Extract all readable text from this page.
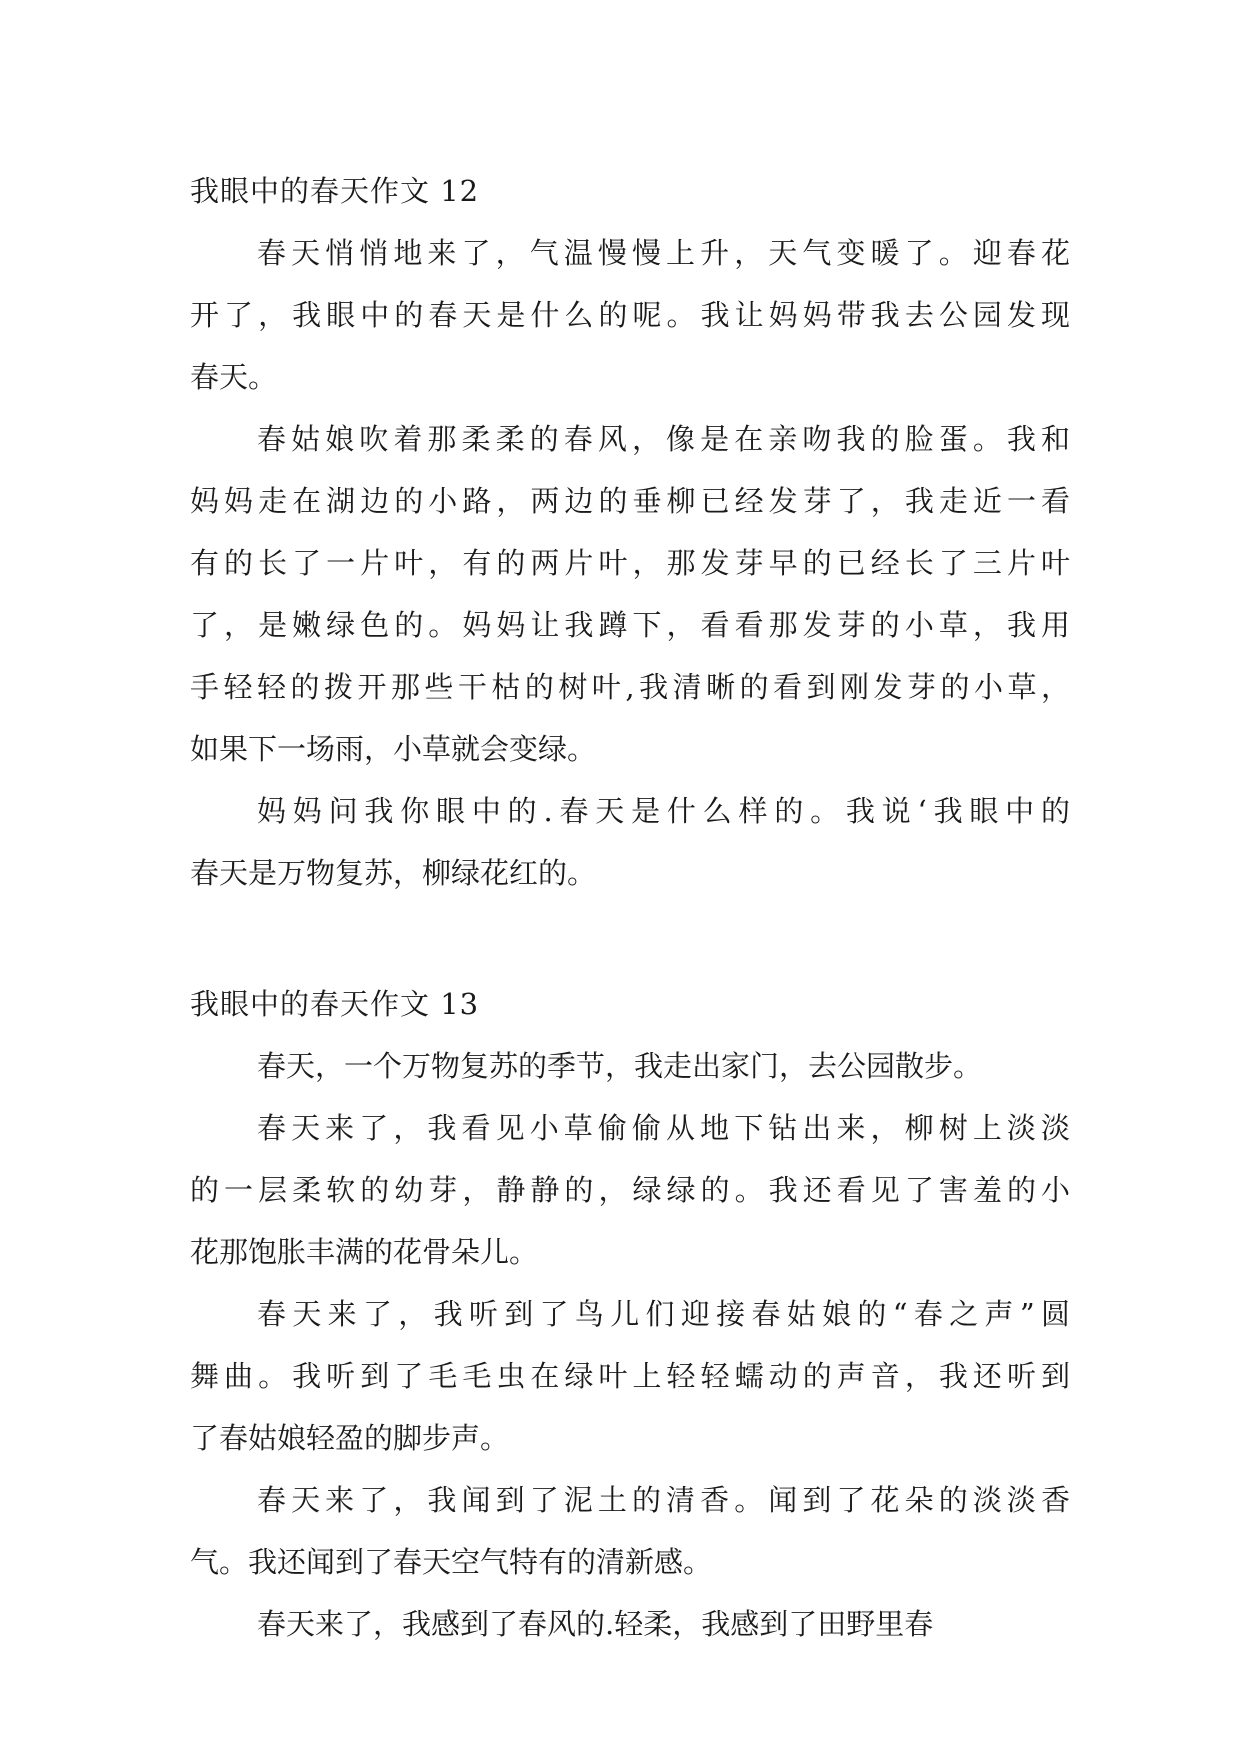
我眼中的春天作文 12
春天悄悄地来了，气温慢慢上升，天气变暖了。迎春花
开了，我眼中的春天是什么的呢。我让妈妈带我去公园发现
春天。
春姑娘吹着那柔柔的春风，像是在亲吻我的脸蛋。我和
妈妈走在湖边的小路，两边的垂柳已经发芽了，我走近一看
有的长了一片叶，有的两片叶，那发芽早的已经长了三片叶
了，是嫩绿色的。妈妈让我蹲下，看看那发芽的小草，我用
手轻轻的拨开那些干枯的树叶,我清晰的看到刚发芽的小草，
如果下一场雨，小草就会变绿。
妈妈问我你眼中的.春天是什么样的。我说‘我眼中的
春天是万物复苏，柳绿花红的。
我眼中的春天作文 13
春天，一个万物复苏的季节，我走出家门，去公园散步。
春天来了，我看见小草偷偷从地下钻出来，柳树上淡淡
的一层柔软的幼芽，静静的，绿绿的。我还看见了害羞的小
花那饱胀丰满的花骨朵儿。
春天来了，我听到了鸟儿们迎接春姑娘的“春之声”圆
舞曲。我听到了毛毛虫在绿叶上轻轻蠕动的声音，我还听到
了春姑娘轻盈的脚步声。
春天来了，我闻到了泥土的清香。闻到了花朵的淡淡香
气。我还闻到了春天空气特有的清新感。
春天来了，我感到了春风的.轻柔，我感到了田野里春
